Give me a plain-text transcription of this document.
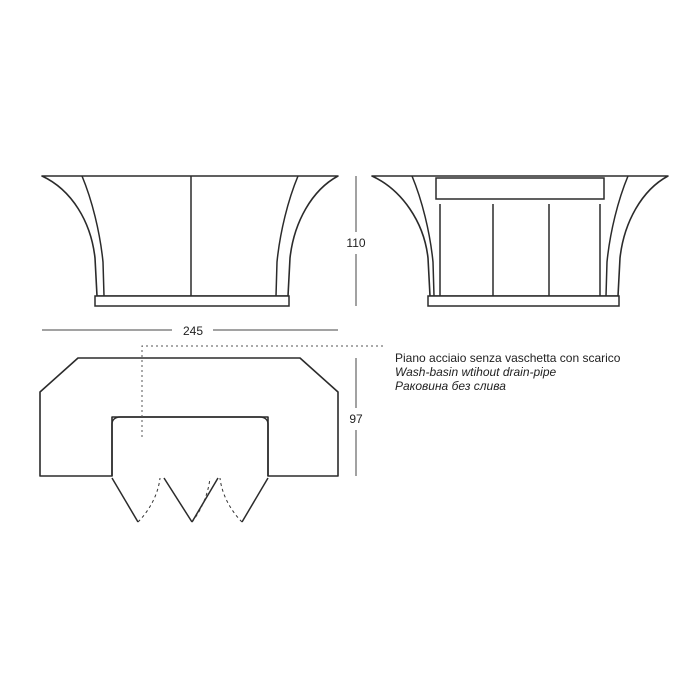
110
245
97
Piano acciaio senza vaschetta con scarico
Wash-basin wtihout drain-pipe
Раковина без слива
